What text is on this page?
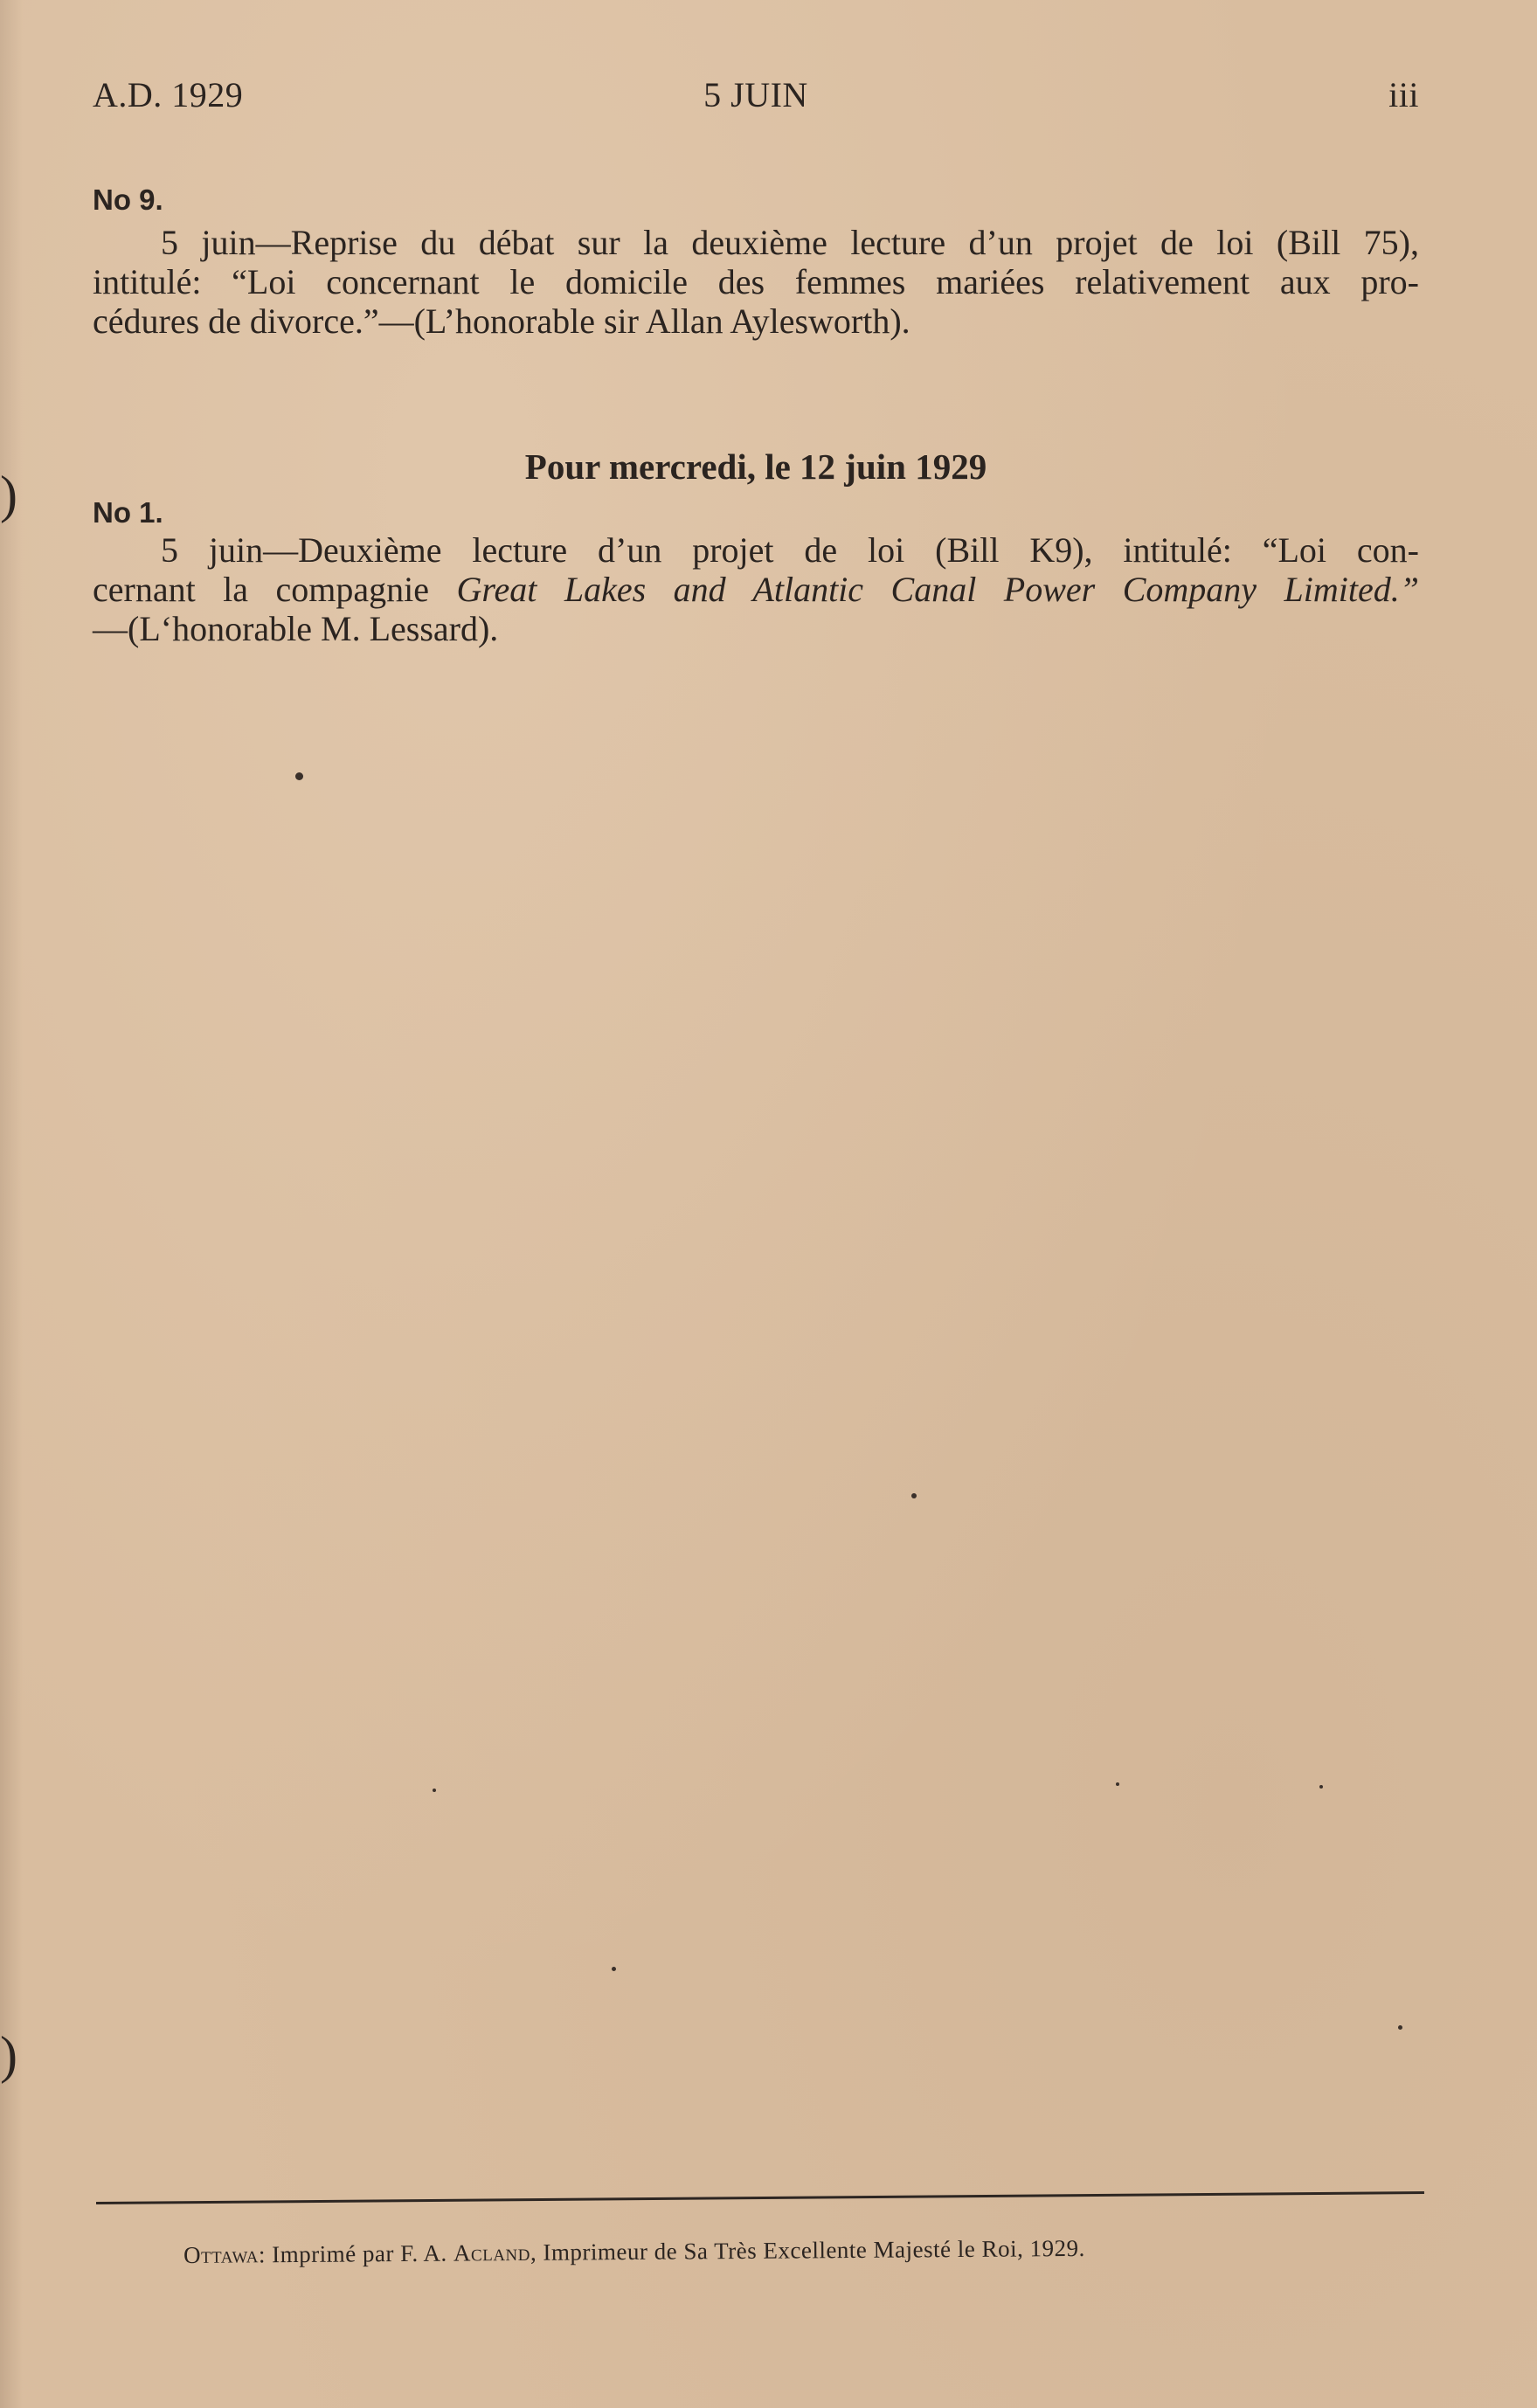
A.D. 1929	5 JUIN	iii
No 9.
5 juin—Reprise du débat sur la deuxième lecture d’un projet de loi (Bill 75),
intitulé: “Loi concernant le domicile des femmes mariées relativement aux pro-
cédures de divorce.”—(L’honorable sir Allan Aylesworth).
Pour mercredi, le 12 juin 1929
No 1.
5 juin—Deuxième lecture d’un projet de loi (Bill K9), intitulé: “Loi con-
cernant la compagnie Great Lakes and Atlantic Canal Power Company Limited.”
—(L‘honorable M. Lessard).
Ottawa: Imprimé par F. A. Acland, Imprimeur de Sa Très Excellente Majesté le Roi, 1929.
)
)
